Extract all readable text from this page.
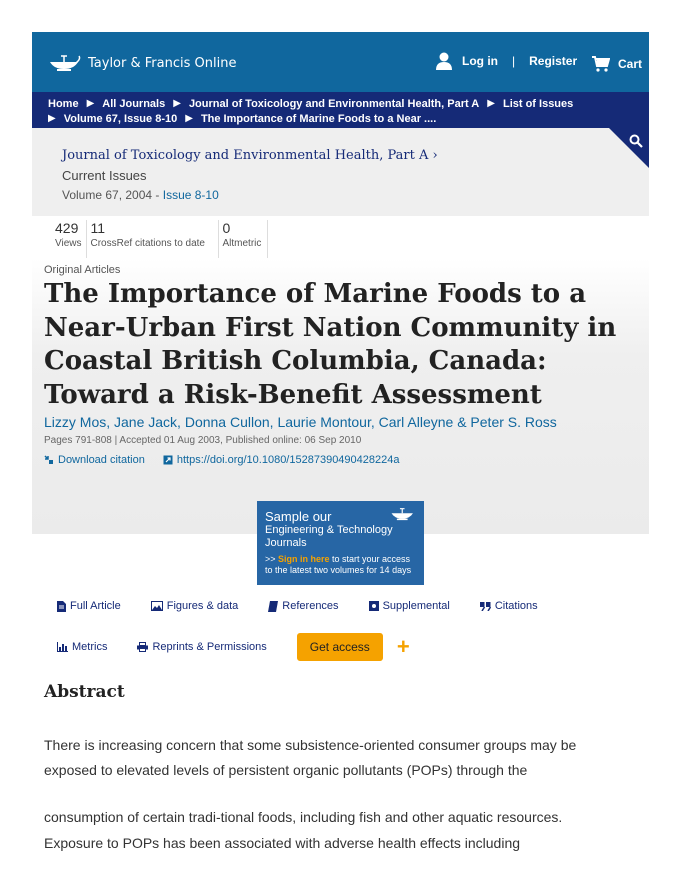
Taylor & Francis Online	Log in | Register	Cart
Home ▶ All Journals ▶ Journal of Toxicology and Environmental Health, Part A ▶ List of Issues
▶ Volume 67, Issue 8-10 ▶ The Importance of Marine Foods to a Near ....
Journal of Toxicology and Environmental Health, Part A ›
Current Issues
Volume 67, 2004 - Issue 8-10
429
Views
11
CrossRef citations to date
0
Altmetric
Original Articles
The Importance of Marine Foods to a Near-Urban First Nation Community in Coastal British Columbia, Canada: Toward a Risk-Benefit Assessment
Lizzy Mos, Jane Jack, Donna Cullon, Laurie Montour, Carl Alleyne & Peter S. Ross
Pages 791-808 | Accepted 01 Aug 2003, Published online: 06 Sep 2010
Download citation	https://doi.org/10.1080/15287390490428224a
Sample our
Engineering & Technology Journals
>> Sign in here to start your access to the latest two volumes for 14 days
Full Article	Figures & data	References	Supplemental	Citations
Metrics	Reprints & Permissions	Get access	+
Abstract

There is increasing concern that some subsistence-oriented consumer groups may be

exposed to elevated levels of persistent organic pollutants (POPs) through the

consumption of certain tradi-tional foods, including fish and other aquatic resources.

Exposure to POPs has been associated with adverse health effects including
